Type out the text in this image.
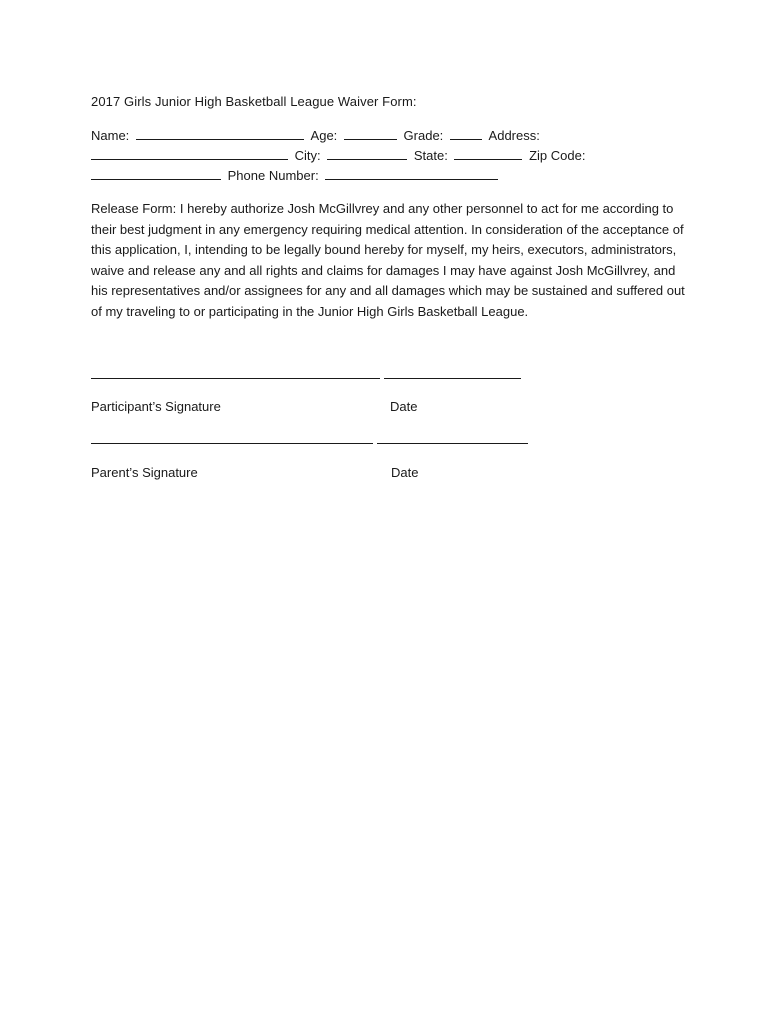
2017 Girls Junior High Basketball League Waiver Form:
Name:	Age:	Grade:	Address:
City:	State:	Zip Code:
Phone Number:
Release Form: I hereby authorize Josh McGillvrey and any other personnel to act for me according to their best judgment in any emergency requiring medical attention. In consideration of the acceptance of this application, I, intending to be legally bound hereby for myself, my heirs, executors, administrators, waive and release any and all rights and claims for damages I may have against Josh McGillvrey, and his representatives and/or assignees for any and all damages which may be sustained and suffered out of my traveling to or participating in the Junior High Girls Basketball League.
Participant’s Signature	Date
Parent’s Signature	Date
